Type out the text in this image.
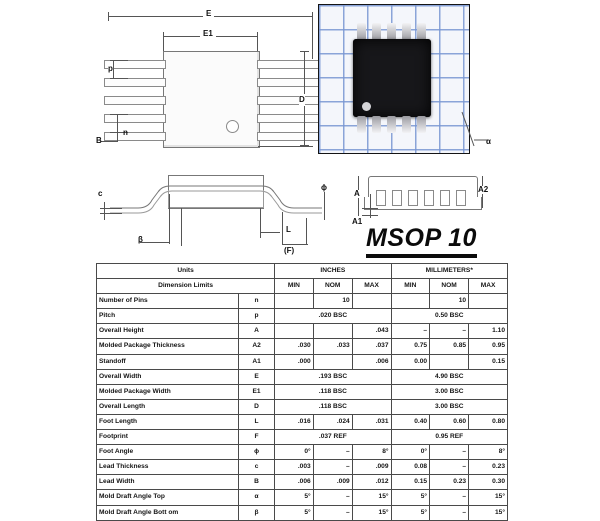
E
E1
p
B
n
D
c
β
L
(F)
ϕ
α
A2
A
A1
MSOP 10
Units		INCHES			MILLIMETERS*		
Dimension Limits		MIN	NOM	MAX	MIN	NOM	MAX
Number of Pins	n		10			10	
Pitch	p	.020 BSC			0.50 BSC		
Overall Height	A			.043	–	–	1.10
Molded Package Thickness	A2	.030	.033	.037	0.75	0.85	0.95
Standoff	A1	.000		.006	0.00		0.15
Overall Width	E	.193 BSC			4.90 BSC		
Molded Package Width	E1	.118 BSC			3.00 BSC		
Overall Length	D	.118 BSC			3.00 BSC		
Foot Length	L	.016	.024	.031	0.40	0.60	0.80
Footprint	F	.037 REF			0.95 REF		
Foot Angle	ϕ	0°	–	8°	0°	–	8°
Lead Thickness	c	.003	–	.009	0.08	–	0.23
Lead Width	B	.006	.009	.012	0.15	0.23	0.30
Mold Draft Angle Top	α	5°	–	15°	5°	–	15°
Mold Draft Angle Bott om	β	5°	–	15°	5°	–	15°
